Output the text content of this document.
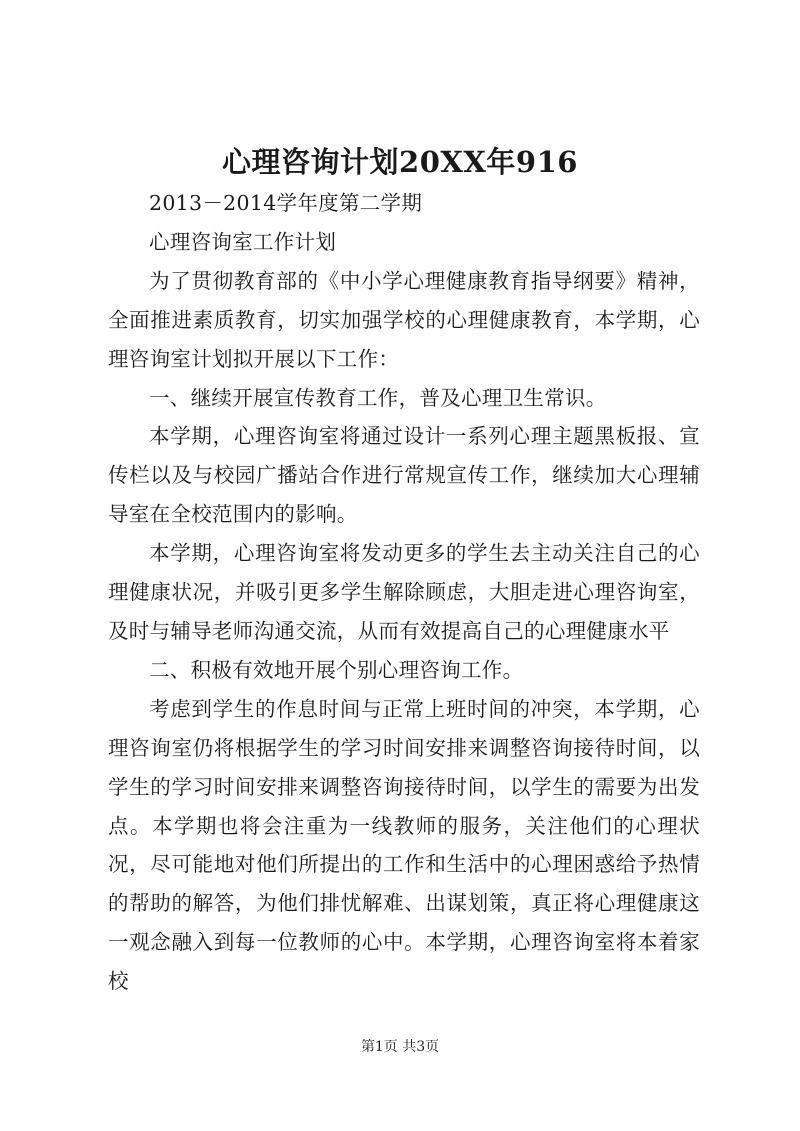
心理咨询计划20XX年916

2013－2014学年度第二学期

心理咨询室工作计划

为了贯彻教育部的《中小学心理健康教育指导纲要》精神，全面推进素质教育，切实加强学校的心理健康教育，本学期，心理咨询室计划拟开展以下工作：

一、继续开展宣传教育工作，普及心理卫生常识。

本学期，心理咨询室将通过设计一系列心理主题黑板报、宣传栏以及与校园广播站合作进行常规宣传工作，继续加大心理辅导室在全校范围内的影响。

本学期，心理咨询室将发动更多的学生去主动关注自己的心理健康状况，并吸引更多学生解除顾虑，大胆走进心理咨询室，及时与辅导老师沟通交流，从而有效提高自己的心理健康水平

二、积极有效地开展个别心理咨询工作。

考虑到学生的作息时间与正常上班时间的冲突，本学期，心理咨询室仍将根据学生的学习时间安排来调整咨询接待时间，以学生的学习时间安排来调整咨询接待时间，以学生的需要为出发点。本学期也将会注重为一线教师的服务，关注他们的心理状况，尽可能地对他们所提出的工作和生活中的心理困惑给予热情的帮助的解答，为他们排忧解难、出谋划策，真正将心理健康这一观念融入到每一位教师的心中。本学期，心理咨询室将本着家校

第1页 共3页
